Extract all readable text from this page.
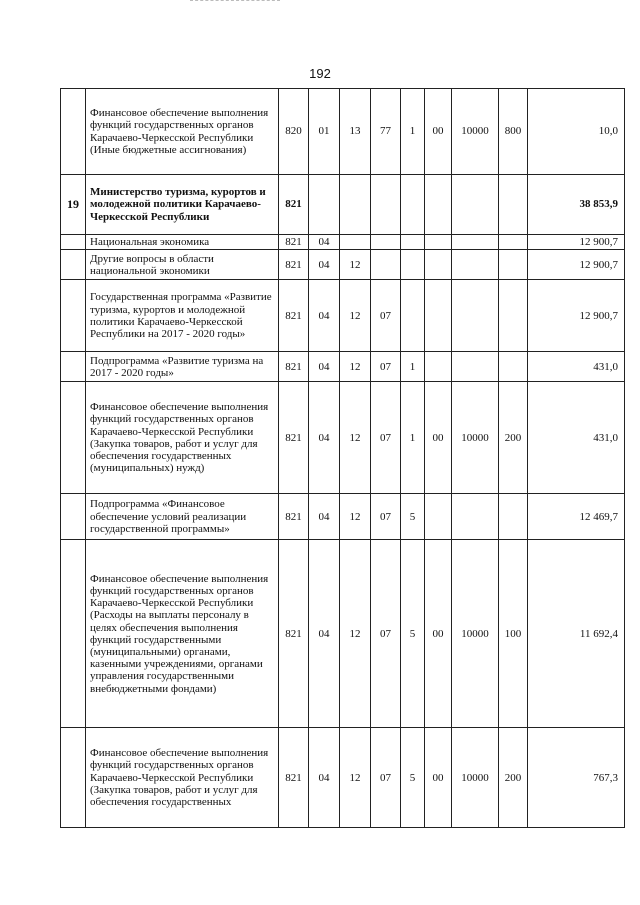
192
	Финансовое обеспечение выполнения функций государственных органов Карачаево-Черкесской Республики (Иные бюджетные ассигнования)	820	01	13	77	1	00	10000	800	10,0
19	Министерство туризма, курортов и молодежной политики Карачаево-Черкесской Республики	821								38 853,9
	Национальная экономика	821	04							12 900,7
	Другие вопросы в области национальной экономики	821	04	12						12 900,7
	Государственная программа «Развитие туризма, курортов и молодежной политики Карачаево-Черкесской Республики на 2017 - 2020 годы»	821	04	12	07					12 900,7
	Подпрограмма «Развитие туризма на 2017 - 2020 годы»	821	04	12	07	1				431,0
	Финансовое обеспечение выполнения функций государственных органов Карачаево-Черкесской Республики (Закупка товаров, работ и услуг для обеспечения государственных (муниципальных) нужд)	821	04	12	07	1	00	10000	200	431,0
	Подпрограмма «Финансовое обеспечение условий реализации государственной программы»	821	04	12	07	5				12 469,7
	Финансовое обеспечение выполнения функций государственных органов Карачаево-Черкесской Республики (Расходы на выплаты персоналу в целях обеспечения выполнения функций государственными (муниципальными) органами, казенными учреждениями, органами управления государственными внебюджетными фондами)	821	04	12	07	5	00	10000	100	11 692,4
	Финансовое обеспечение выполнения функций государственных органов Карачаево-Черкесской Республики (Закупка товаров, работ и услуг для обеспечения государственных	821	04	12	07	5	00	10000	200	767,3
